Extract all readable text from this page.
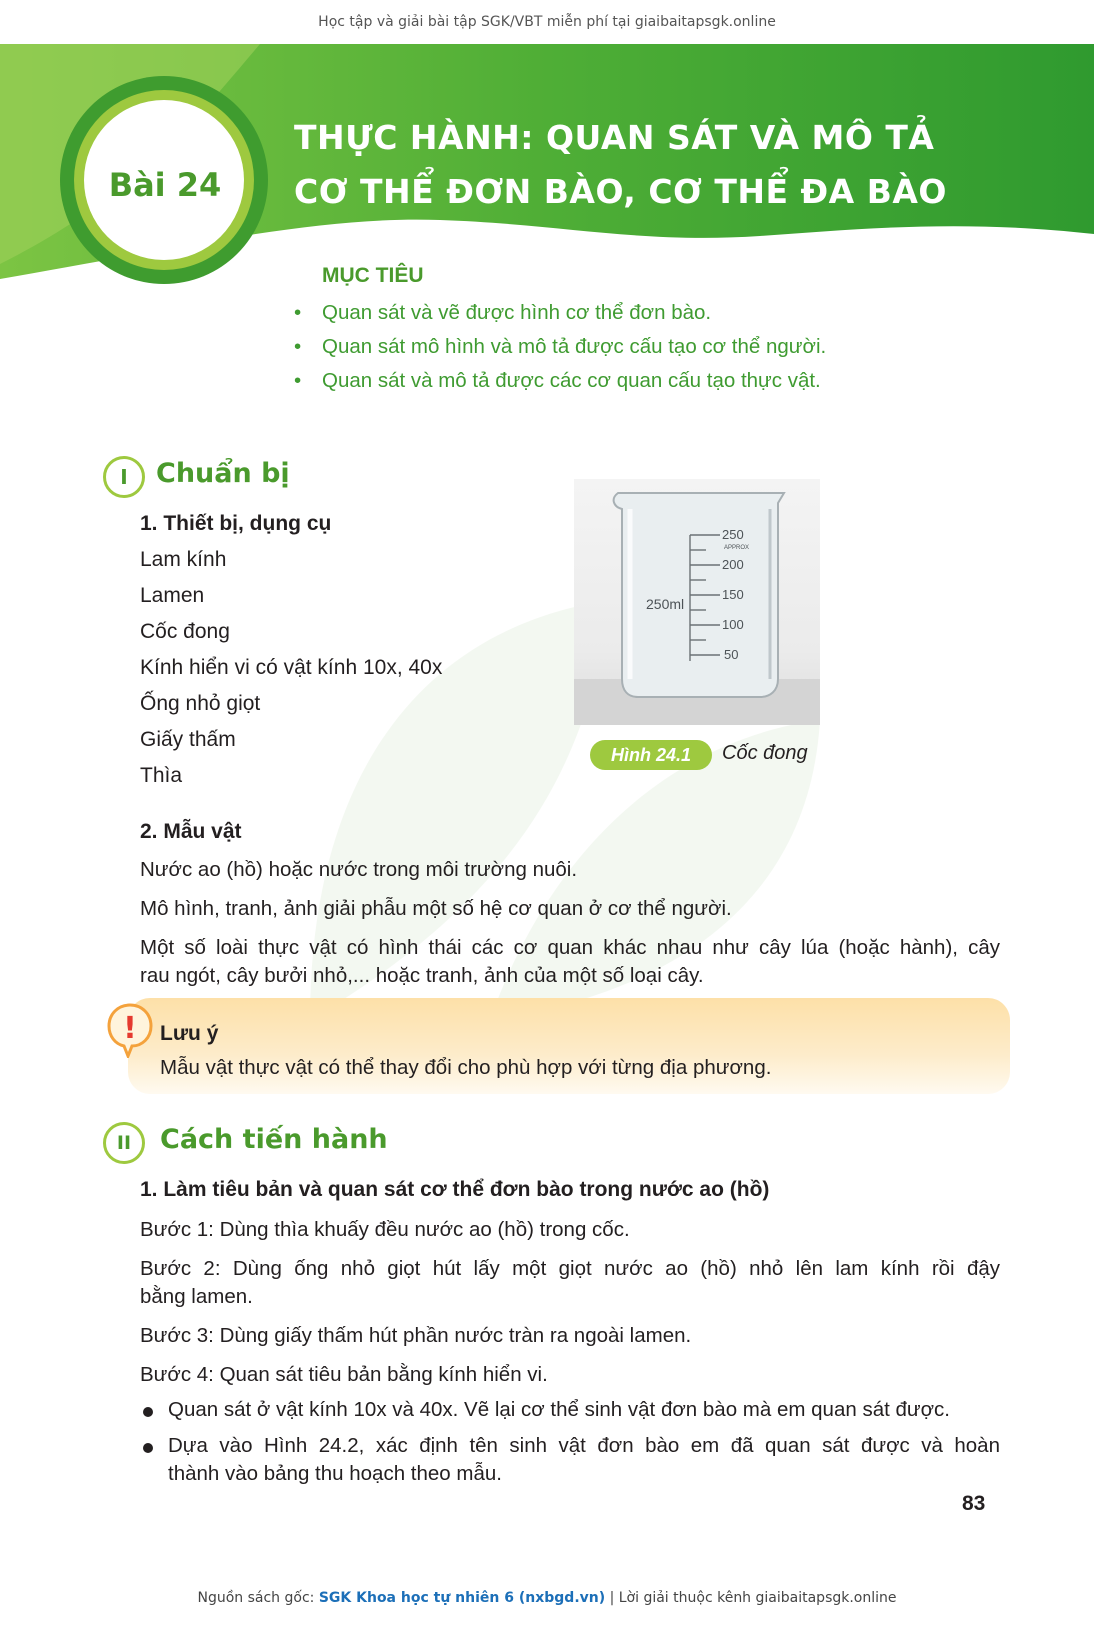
Học tập và giải bài tập SGK/VBT miễn phí tại giaibaitapsgk.online
Bài 24
THỰC HÀNH: QUAN SÁT VÀ MÔ TẢ
CƠ THỂ ĐƠN BÀO, CƠ THỂ ĐA BÀO
MỤC TIÊU
• Quan sát và vẽ được hình cơ thể đơn bào.
• Quan sát mô hình và mô tả được cấu tạo cơ thể người.
• Quan sát và mô tả được các cơ quan cấu tạo thực vật.
I	Chuẩn bị
1. Thiết bị, dụng cụ
Lam kính
Lamen
Cốc đong
Kính hiển vi có vật kính 10x, 40x
Ống nhỏ giọt
Giấy thấm
Thìa
250
200
150
100
50
250ml
APPROX
Hình 24.1	Cốc đong
2. Mẫu vật
Nước ao (hồ) hoặc nước trong môi trường nuôi.
Mô hình, tranh, ảnh giải phẫu một số hệ cơ quan ở cơ thể người.
Một số loài thực vật có hình thái các cơ quan khác nhau như cây lúa (hoặc hành), cây
rau ngót, cây bưởi nhỏ,... hoặc tranh, ảnh của một số loại cây.
! Lưu ý
Mẫu vật thực vật có thể thay đổi cho phù hợp với từng địa phương.
II	Cách tiến hành
1. Làm tiêu bản và quan sát cơ thể đơn bào trong nước ao (hồ)
Bước 1: Dùng thìa khuấy đều nước ao (hồ) trong cốc.
Bước 2: Dùng ống nhỏ giọt hút lấy một giọt nước ao (hồ) nhỏ lên lam kính rồi đậy
bằng lamen.
Bước 3: Dùng giấy thấm hút phần nước tràn ra ngoài lamen.
Bước 4: Quan sát tiêu bản bằng kính hiển vi.
Quan sát ở vật kính 10x và 40x. Vẽ lại cơ thể sinh vật đơn bào mà em quan sát được.
Dựa vào Hình 24.2, xác định tên sinh vật đơn bào em đã quan sát được và hoàn
thành vào bảng thu hoạch theo mẫu.
83
Nguồn sách gốc: SGK Khoa học tự nhiên 6 (nxbgd.vn) | Lời giải thuộc kênh giaibaitapsgk.online
